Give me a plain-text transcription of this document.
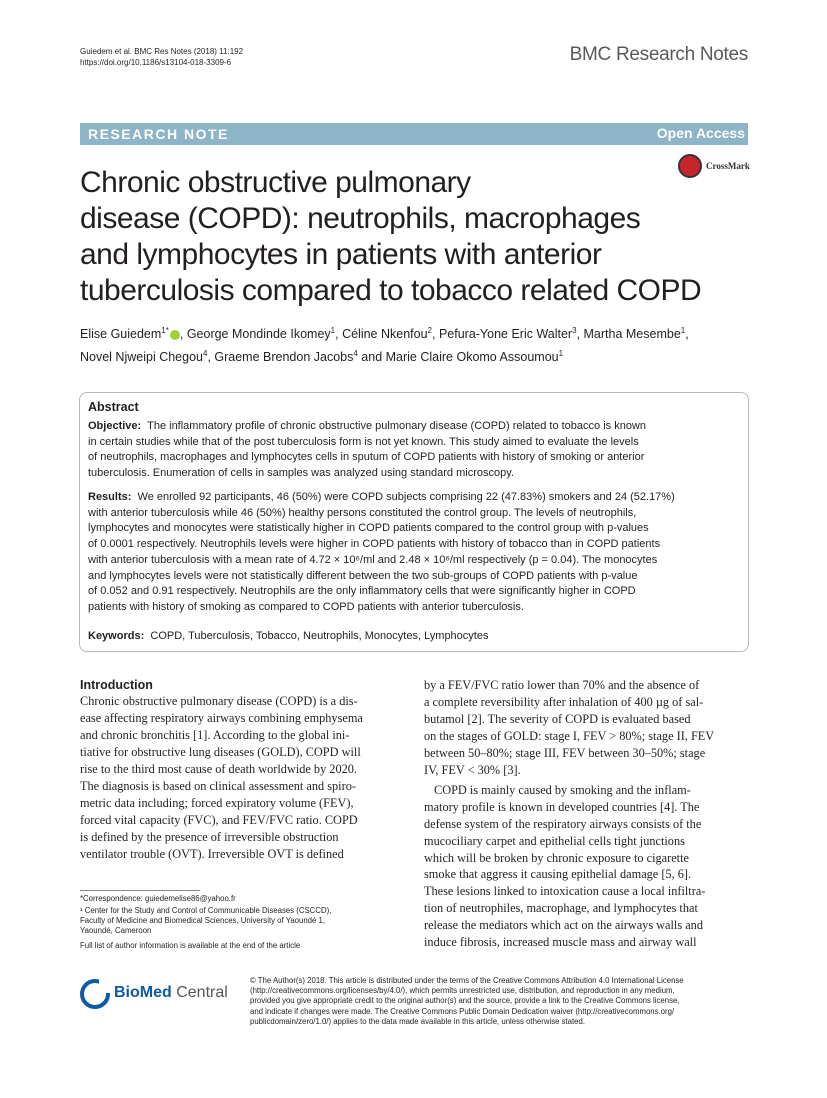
Guiedem et al. BMC Res Notes (2018) 11:192
https://doi.org/10.1186/s13104-018-3309-6	BMC Research Notes
RESEARCH NOTE	Open Access
CrossMark
Chronic obstructive pulmonary
disease (COPD): neutrophils, macrophages
and lymphocytes in patients with anterior
tuberculosis compared to tobacco related COPD
Elise Guiedem$^{1*}$ , George Mondinde Ikomey$^1$, Céline Nkenfou$^2$, Pefura‑Yone Eric Walter$^3$, Martha Mesembe$^1$,
Novel Njweipi Chegou$^4$, Graeme Brendon Jacobs$^4$ and Marie Claire Okomo Assoumou$^1$
Abstract
Objective: The inflammatory profile of chronic obstructive pulmonary disease (COPD) related to tobacco is known
in certain studies while that of the post tuberculosis form is not yet known. This study aimed to evaluate the levels
of neutrophils, macrophages and lymphocytes cells in sputum of COPD patients with history of smoking or anterior
tuberculosis. Enumeration of cells in samples was analyzed using standard microscopy.
Results: We enrolled 92 participants, 46 (50%) were COPD subjects comprising 22 (47.83%) smokers and 24 (52.17%)
with anterior tuberculosis while 46 (50%) healthy persons constituted the control group. The levels of neutrophils,
lymphocytes and monocytes were statistically higher in COPD patients compared to the control group with p-values
of 0.0001 respectively. Neutrophils levels were higher in COPD patients with history of tobacco than in COPD patients
with anterior tuberculosis with a mean rate of 4.72 × 10⁶/ml and 2.48 × 10⁶/ml respectively (p = 0.04). The monocytes
and lymphocytes levels were not statistically different between the two sub-groups of COPD patients with p-value
of 0.052 and 0.91 respectively. Neutrophils are the only inflammatory cells that were significantly higher in COPD
patients with history of smoking as compared to COPD patients with anterior tuberculosis.
Keywords: COPD, Tuberculosis, Tobacco, Neutrophils, Monocytes, Lymphocytes
Introduction
Chronic obstructive pulmonary disease (COPD) is a dis-
ease affecting respiratory airways combining emphysema
and chronic bronchitis [1]. According to the global ini-
tiative for obstructive lung diseases (GOLD), COPD will
rise to the third most cause of death worldwide by 2020.
The diagnosis is based on clinical assessment and spiro-
metric data including; forced expiratory volume (FEV),
forced vital capacity (FVC), and FEV/FVC ratio. COPD
is defined by the presence of irreversible obstruction
ventilator trouble (OVT). Irreversible OVT is defined
by a FEV/FVC ratio lower than 70% and the absence of
a complete reversibility after inhalation of 400 µg of sal-
butamol [2]. The severity of COPD is evaluated based
on the stages of GOLD: stage I, FEV > 80%; stage II, FEV
between 50–80%; stage III, FEV between 30–50%; stage
IV, FEV < 30% [3].
COPD is mainly caused by smoking and the inflam-
matory profile is known in developed countries [4]. The
defense system of the respiratory airways consists of the
mucociliary carpet and epithelial cells tight junctions
which will be broken by chronic exposure to cigarette
smoke that aggress it causing epithelial damage [5, 6].
These lesions linked to intoxication cause a local infiltra-
tion of neutrophiles, macrophage, and lymphocytes that
release the mediators which act on the airways walls and
induce fibrosis, increased muscle mass and airway wall
*Correspondence: guiedemelise86@yahoo.fr
¹ Center for the Study and Control of Communicable Diseases (CSCCD),
Faculty of Medicine and Biomedical Sciences, University of Yaoundé 1,
Yaoundé, Cameroon
Full list of author information is available at the end of the article
BioMed Central
© The Author(s) 2018. This article is distributed under the terms of the Creative Commons Attribution 4.0 International License
(http://creativecommons.org/licenses/by/4.0/), which permits unrestricted use, distribution, and reproduction in any medium,
provided you give appropriate credit to the original author(s) and the source, provide a link to the Creative Commons license,
and indicate if changes were made. The Creative Commons Public Domain Dedication waiver (http://creativecommons.org/
publicdomain/zero/1.0/) applies to the data made available in this article, unless otherwise stated.
